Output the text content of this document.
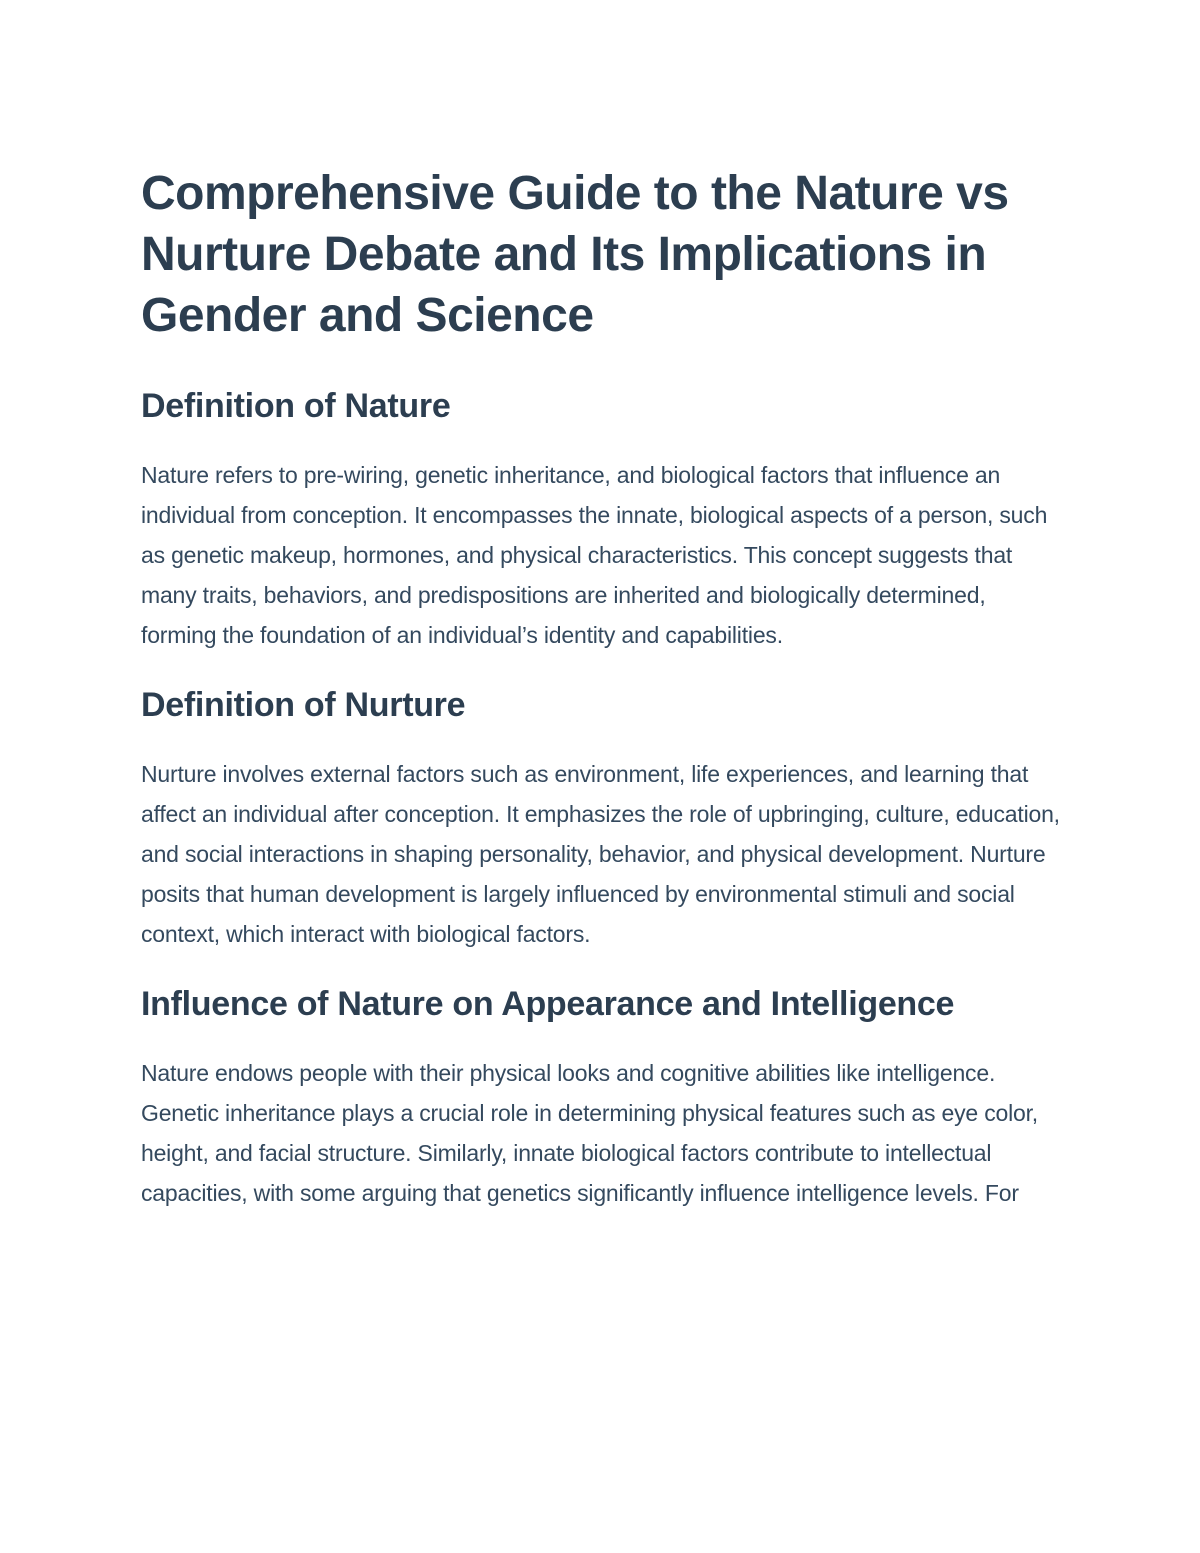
Comprehensive Guide to the Nature vs Nurture Debate and Its Implications in Gender and Science
Definition of Nature

Nature refers to pre-wiring, genetic inheritance, and biological factors that influence an individual from conception. It encompasses the innate, biological aspects of a person, such as genetic makeup, hormones, and physical characteristics. This concept suggests that many traits, behaviors, and predispositions are inherited and biologically determined, forming the foundation of an individual’s identity and capabilities.

Definition of Nurture

Nurture involves external factors such as environment, life experiences, and learning that affect an individual after conception. It emphasizes the role of upbringing, culture, education, and social interactions in shaping personality, behavior, and physical development. Nurture posits that human development is largely influenced by environmental stimuli and social context, which interact with biological factors.

Influence of Nature on Appearance and Intelligence

Nature endows people with their physical looks and cognitive abilities like intelligence. Genetic inheritance plays a crucial role in determining physical features such as eye color, height, and facial structure. Similarly, innate biological factors contribute to intellectual capacities, with some arguing that genetics significantly influence intelligence levels. For
